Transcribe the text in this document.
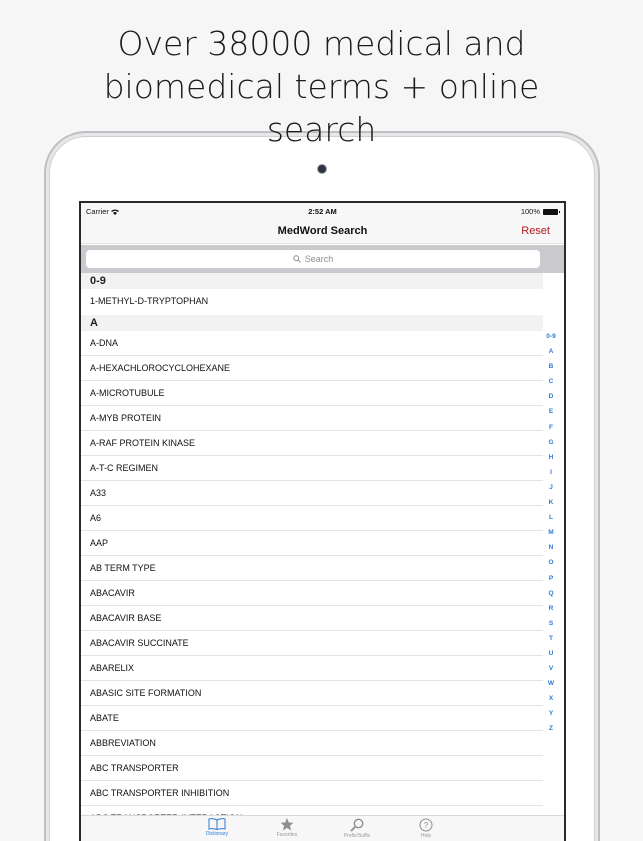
Over 38000 medical and
biomedical terms + online
search
Carrier	2:52 AM	100%
MedWord Search	Reset
Search
0-9
1-METHYL-D-TRYPTOPHAN
A
A-DNA
A-HEXACHLOROCYCLOHEXANE
A-MICROTUBULE
A-MYB PROTEIN
A-RAF PROTEIN KINASE
A-T-C REGIMEN
A33
A6
AAP
AB TERM TYPE
ABACAVIR
ABACAVIR BASE
ABACAVIR SUCCINATE
ABARELIX
ABASIC SITE FORMATION
ABATE
ABBREVIATION
ABC TRANSPORTER
ABC TRANSPORTER INHIBITION
0-9
A
B
C
D
E
F
G
H
I
J
K
L
M
N
O
P
Q
R
S
T
U
V
W
X
Y
Z
Dictionary	Favorites	Prefix/Suffix
?
Help
